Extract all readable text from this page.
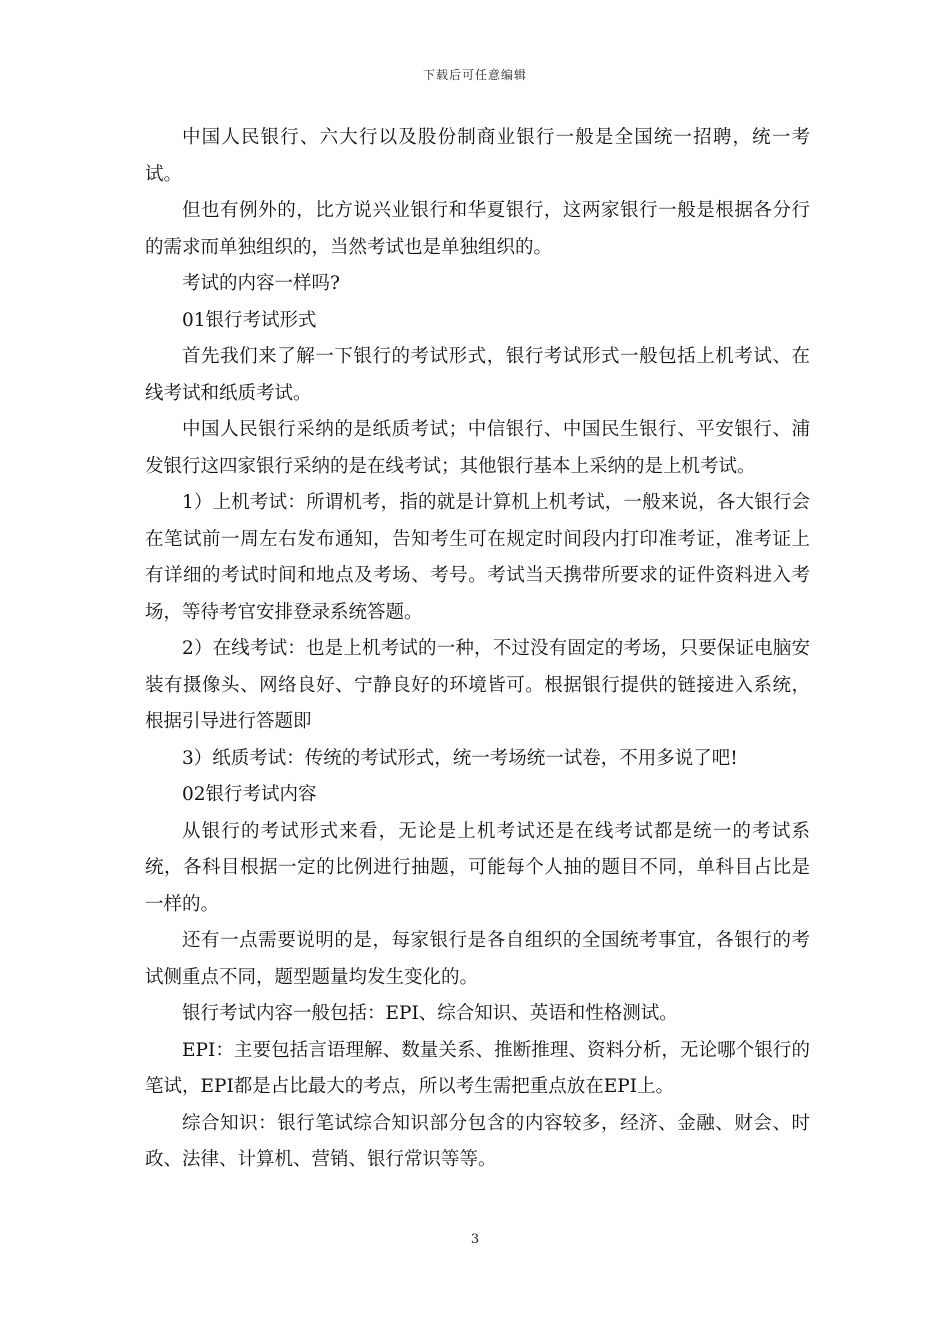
下载后可任意编辑

中国人民银行、六大行以及股份制商业银行一般是全国统一招聘，统一考试。

但也有例外的，比方说兴业银行和华夏银行，这两家银行一般是根据各分行的需求而单独组织的，当然考试也是单独组织的。

考试的内容一样吗?

01银行考试形式

首先我们来了解一下银行的考试形式，银行考试形式一般包括上机考试、在线考试和纸质考试。

中国人民银行采纳的是纸质考试；中信银行、中国民生银行、平安银行、浦发银行这四家银行采纳的是在线考试；其他银行基本上采纳的是上机考试。

1）上机考试：所谓机考，指的就是计算机上机考试，一般来说，各大银行会在笔试前一周左右发布通知，告知考生可在规定时间段内打印准考证，准考证上有详细的考试时间和地点及考场、考号。考试当天携带所要求的证件资料进入考场，等待考官安排登录系统答题。

2）在线考试：也是上机考试的一种，不过没有固定的考场，只要保证电脑安装有摄像头、网络良好、宁静良好的环境皆可。根据银行提供的链接进入系统，根据引导进行答题即

3）纸质考试：传统的考试形式，统一考场统一试卷，不用多说了吧!

02银行考试内容

从银行的考试形式来看，无论是上机考试还是在线考试都是统一的考试系统，各科目根据一定的比例进行抽题，可能每个人抽的题目不同，单科目占比是一样的。

还有一点需要说明的是，每家银行是各自组织的全国统考事宜，各银行的考试侧重点不同，题型题量均发生变化的。

银行考试内容一般包括：EPI、综合知识、英语和性格测试。

EPI：主要包括言语理解、数量关系、推断推理、资料分析，无论哪个银行的笔试，EPI都是占比最大的考点，所以考生需把重点放在EPI上。

综合知识：银行笔试综合知识部分包含的内容较多，经济、金融、财会、时政、法律、计算机、营销、银行常识等等。

3
